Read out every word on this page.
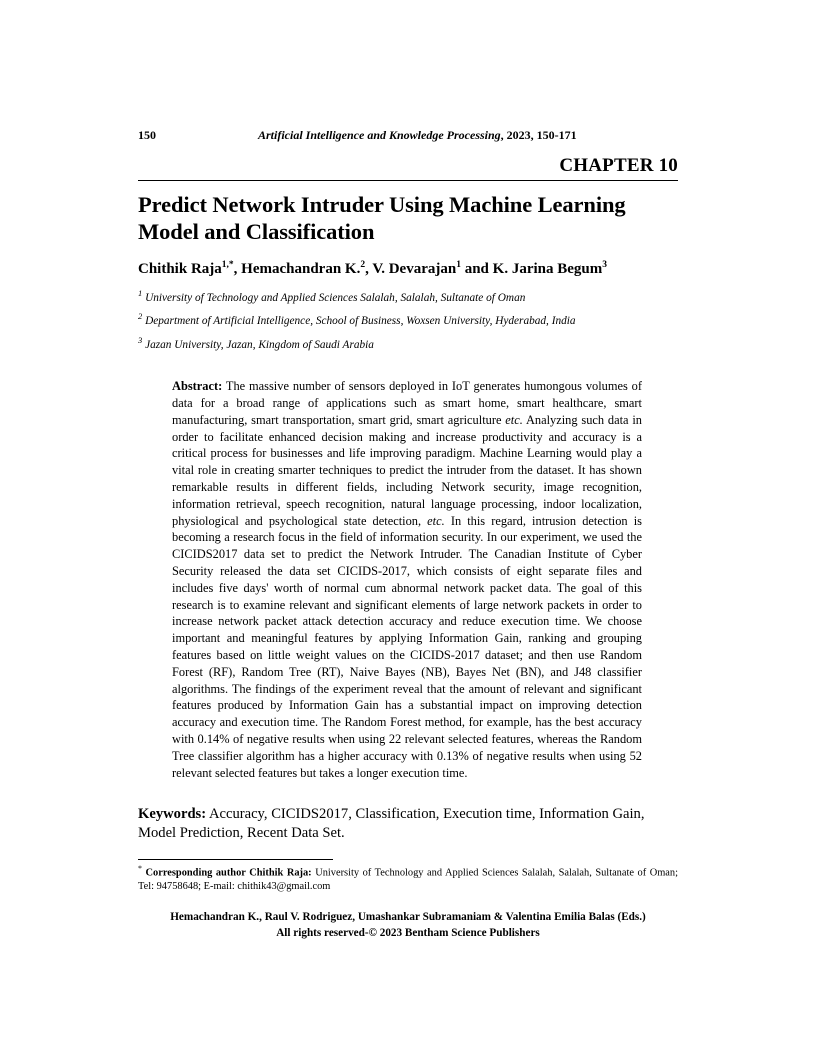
150	Artificial Intelligence and Knowledge Processing, 2023, 150-171
CHAPTER 10
Predict Network Intruder Using Machine Learning Model and Classification
Chithik Raja$^{1,*}$, Hemachandran K.$^2$, V. Devarajan$^1$ and K. Jarina Begum$^3$

$^1$ University of Technology and Applied Sciences Salalah, Salalah, Sultanate of Oman

$^2$ Department of Artificial Intelligence, School of Business, Woxsen University, Hyderabad, India

$^3$ Jazan University, Jazan, Kingdom of Saudi Arabia

Abstract: The massive number of sensors deployed in IoT generates humongous volumes of data for a broad range of applications such as smart home, smart healthcare, smart manufacturing, smart transportation, smart grid, smart agriculture etc. Analyzing such data in order to facilitate enhanced decision making and increase productivity and accuracy is a critical process for businesses and life improving paradigm. Machine Learning would play a vital role in creating smarter techniques to predict the intruder from the dataset. It has shown remarkable results in different fields, including Network security, image recognition, information retrieval, speech recognition, natural language processing, indoor localization, physiological and psychological state detection, etc. In this regard, intrusion detection is becoming a research focus in the field of information security. In our experiment, we used the CICIDS2017 data set to predict the Network Intruder. The Canadian Institute of Cyber Security released the data set CICIDS-2017, which consists of eight separate files and includes five days' worth of normal cum abnormal network packet data. The goal of this research is to examine relevant and significant elements of large network packets in order to increase network packet attack detection accuracy and reduce execution time. We choose important and meaningful features by applying Information Gain, ranking and grouping features based on little weight values on the CICIDS-2017 dataset; and then use Random Forest (RF), Random Tree (RT), Naive Bayes (NB), Bayes Net (BN), and J48 classifier algorithms. The findings of the experiment reveal that the amount of relevant and significant features produced by Information Gain has a substantial impact on improving detection accuracy and execution time. The Random Forest method, for example, has the best accuracy with 0.14% of negative results when using 22 relevant selected features, whereas the Random Tree classifier algorithm has a higher accuracy with 0.13% of negative results when using 52 relevant selected features but takes a longer execution time.
Keywords: Accuracy, CICIDS2017, Classification, Execution time, Information Gain, Model Prediction, Recent Data Set.
* Corresponding author Chithik Raja: University of Technology and Applied Sciences Salalah, Salalah, Sultanate of Oman; Tel: 94758648; E-mail: chithik43@gmail.com
Hemachandran K., Raul V. Rodriguez, Umashankar Subramaniam & Valentina Emilia Balas (Eds.)
All rights reserved-© 2023 Bentham Science Publishers
